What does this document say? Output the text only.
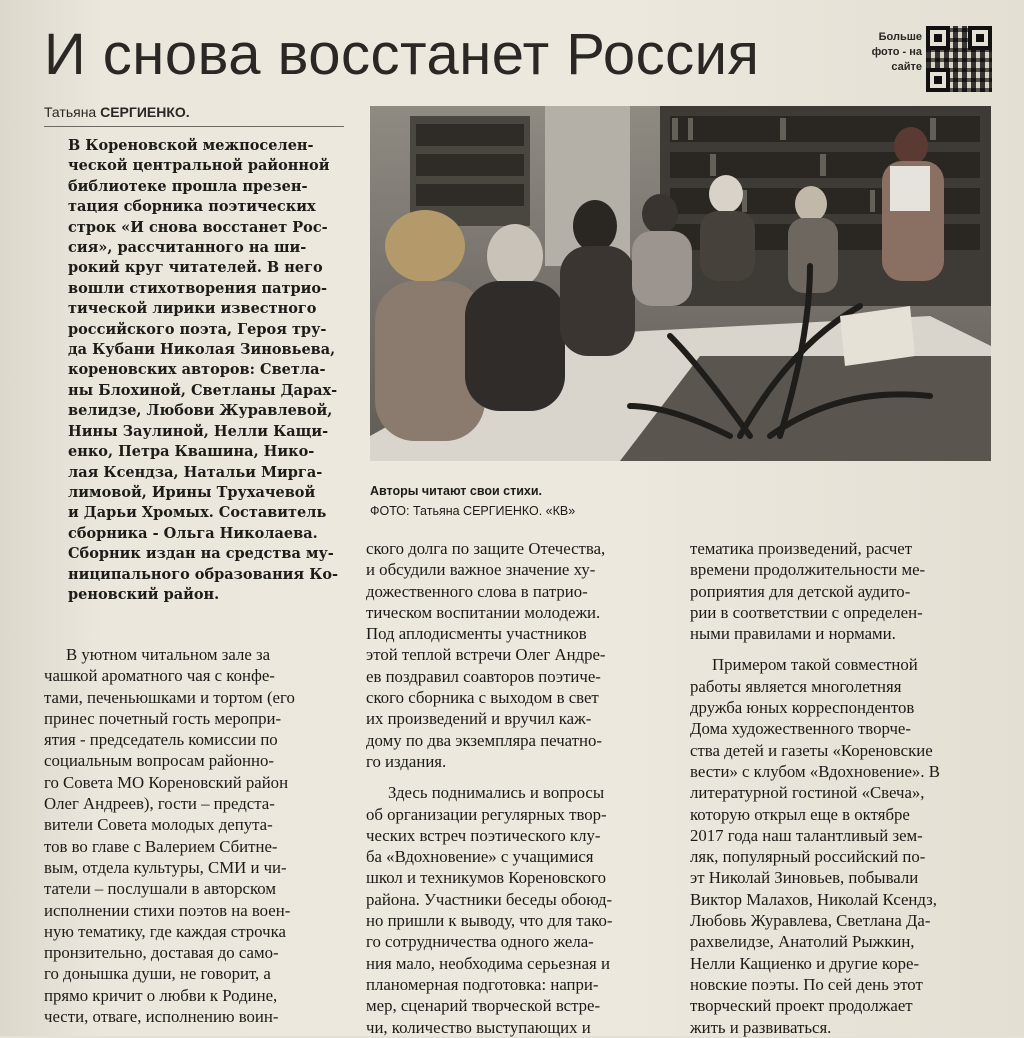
И снова восстанет Россия	Больше
фото - на
сайте
Татьяна СЕРГИЕНКО.
В Кореновской межпоселен-
ческой центральной районной
библиотеке прошла презен-
тация сборника поэтических
строк «И снова восстанет Рос-
сия», рассчитанного на ши-
рокий круг читателей. В него
вошли стихотворения патрио-
тической лирики известного
российского поэта, Героя тру-
да Кубани Николая Зиновьева,
кореновских авторов: Светла-
ны Блохиной, Светланы Дарах-
велидзе, Любови Журавлевой,
Нины Заулиной, Нелли Кащи-
енко, Петра Квашина, Нико-
лая Ксендза, Натальи Мирга-
лимовой, Ирины Трухачевой
и Дарьи Хромых. Составитель
сборника - Ольга Николаева.
Сборник издан на средства му-
ниципального образования Ко-
реновский район.
Авторы читают свои стихи.
ФОТО: Татьяна СЕРГИЕНКО. «КВ»
В уютном читальном зале за
чашкой ароматного чая с конфе-
тами, печеньюшками и тортом (его
принес почетный гость меропри-
ятия - председатель комиссии по
социальным вопросам районно-
го Совета МО Кореновский район
Олег Андреев), гости – предста-
вители Совета молодых депута-
тов во главе с Валерием Сбитне-
вым, отдела культуры, СМИ и чи-
татели – послушали в авторском
исполнении стихи поэтов на воен-
ную тематику, где каждая строчка
пронзительно, доставая до само-
го донышка души, не говорит, а
прямо кричит о любви к Родине,
чести, отваге, исполнению воин-
ского долга по защите Отечества,
и обсудили важное значение ху-
дожественного слова в патрио-
тическом воспитании молодежи.
Под аплодисменты участников
этой теплой встречи Олег Андре-
ев поздравил соавторов поэтиче-
ского сборника с выходом в свет
их произведений и вручил каж-
дому по два экземпляра печатно-
го издания.
Здесь поднимались и вопросы
об организации регулярных твор-
ческих встреч поэтического клу-
ба «Вдохновение» с учащимися
школ и техникумов Кореновского
района. Участники беседы обоюд-
но пришли к выводу, что для тако-
го сотрудничества одного жела-
ния мало, необходима серьезная и
планомерная подготовка: напри-
мер, сценарий творческой встре-
чи, количество выступающих и
тематика произведений, расчет
времени продолжительности ме-
роприятия для детской аудито-
рии в соответствии с определен-
ными правилами и нормами.
Примером такой совместной
работы является многолетняя
дружба юных корреспондентов
Дома художественного творче-
ства детей и газеты «Кореновские
вести» с клубом «Вдохновение». В
литературной гостиной «Свеча»,
которую открыл еще в октябре
2017 года наш талантливый зем-
ляк, популярный российский по-
эт Николай Зиновьев, побывали
Виктор Малахов, Николай Ксендз,
Любовь Журавлева, Светлана Да-
рахвелидзе, Анатолий Рыжкин,
Нелли Кащиенко и другие коре-
новские поэты. По сей день этот
творческий проект продолжает
жить и развиваться.
